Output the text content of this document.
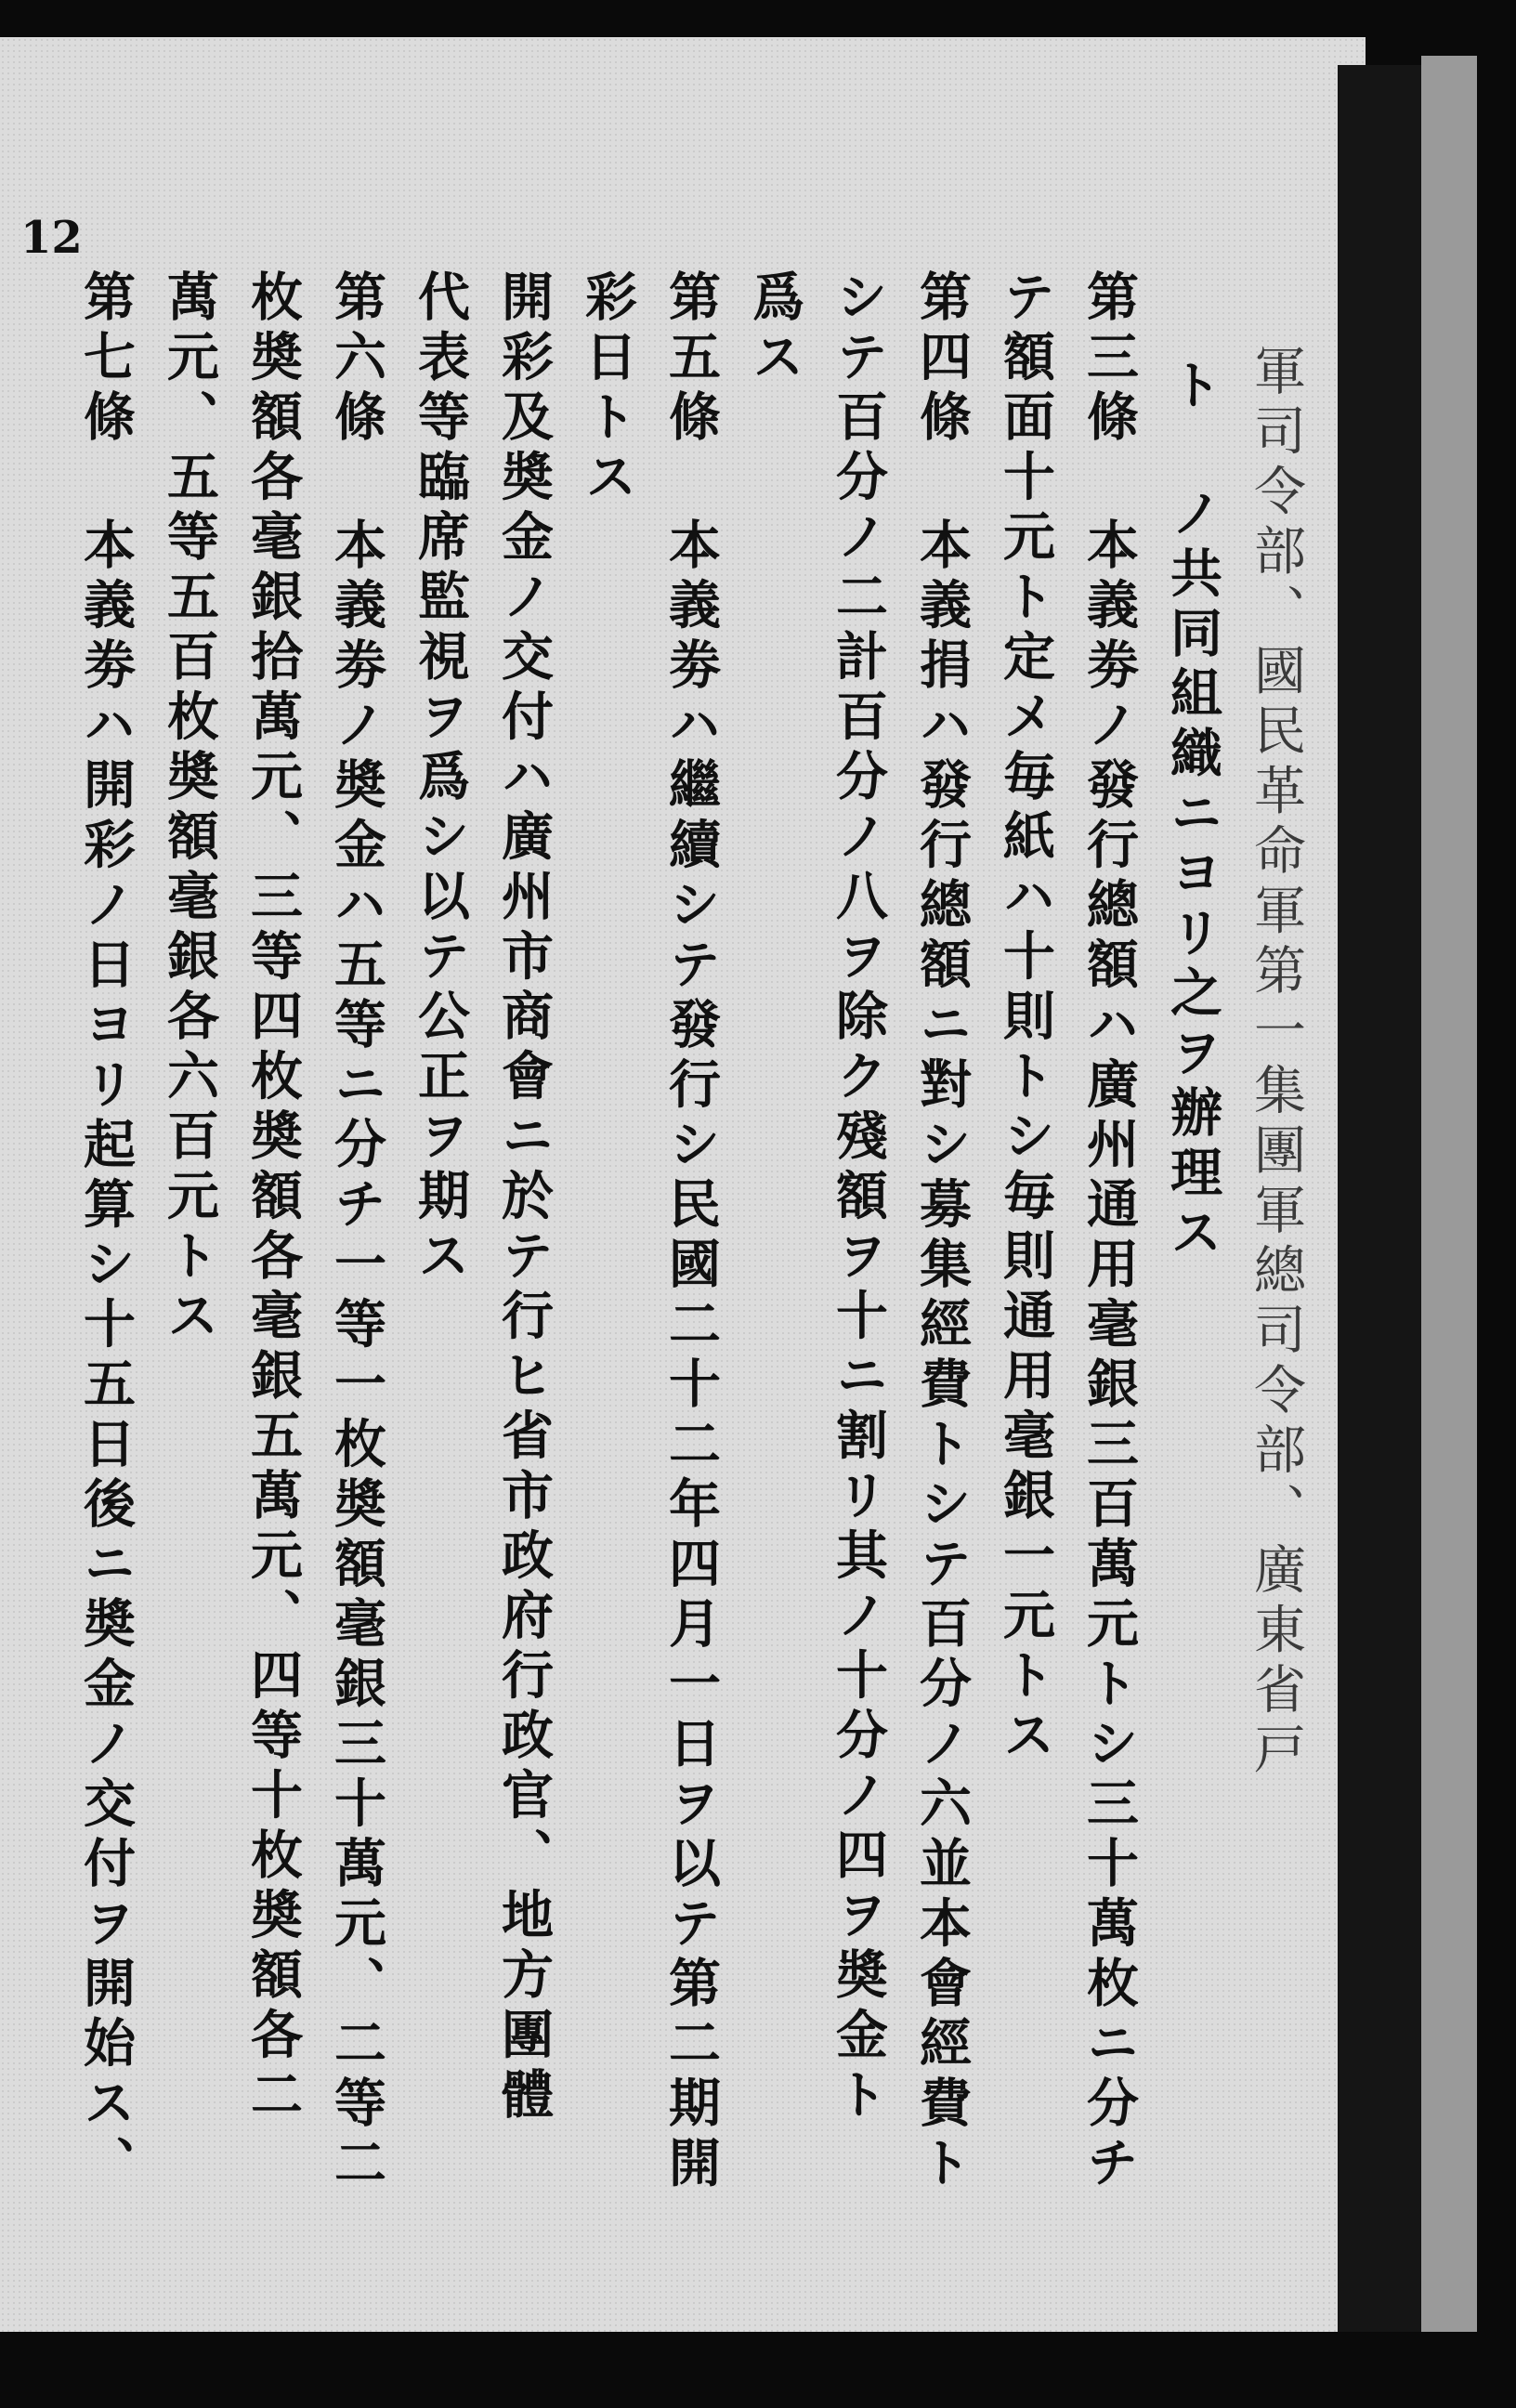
12
軍司令部、國民革命軍第一集團軍總司令部、廣東省戸
ト ノ共同組織ニヨリ之ヲ辦理ス
第三條 本義劵ノ發行總額ハ廣州通用毫銀三百萬元トシ三十萬枚ニ分チ
テ額面十元ト定メ毎紙ハ十則トシ毎則通用毫銀一元トス
第四條 本義捐ハ發行總額ニ對シ募集經費トシテ百分ノ六並本會經費ト
シテ百分ノ二計百分ノ八ヲ除ク殘額ヲ十ニ割リ其ノ十分ノ四ヲ奬金ト
爲ス
第五條 本義劵ハ繼續シテ發行シ民國二十二年四月一日ヲ以テ第二期開
彩日トス
開彩及奬金ノ交付ハ廣州市商會ニ於テ行ヒ省市政府行政官、地方團體
代表等臨席監視ヲ爲シ以テ公正ヲ期ス
第六條 本義劵ノ奬金ハ五等ニ分チ一等一枚奬額毫銀三十萬元、二等二
枚奬額各毫銀拾萬元、三等四枚奬額各毫銀五萬元、四等十枚奬額各二
萬元、五等五百枚奬額毫銀各六百元トス
第七條 本義劵ハ開彩ノ日ヨリ起算シ十五日後ニ奬金ノ交付ヲ開始ス、
